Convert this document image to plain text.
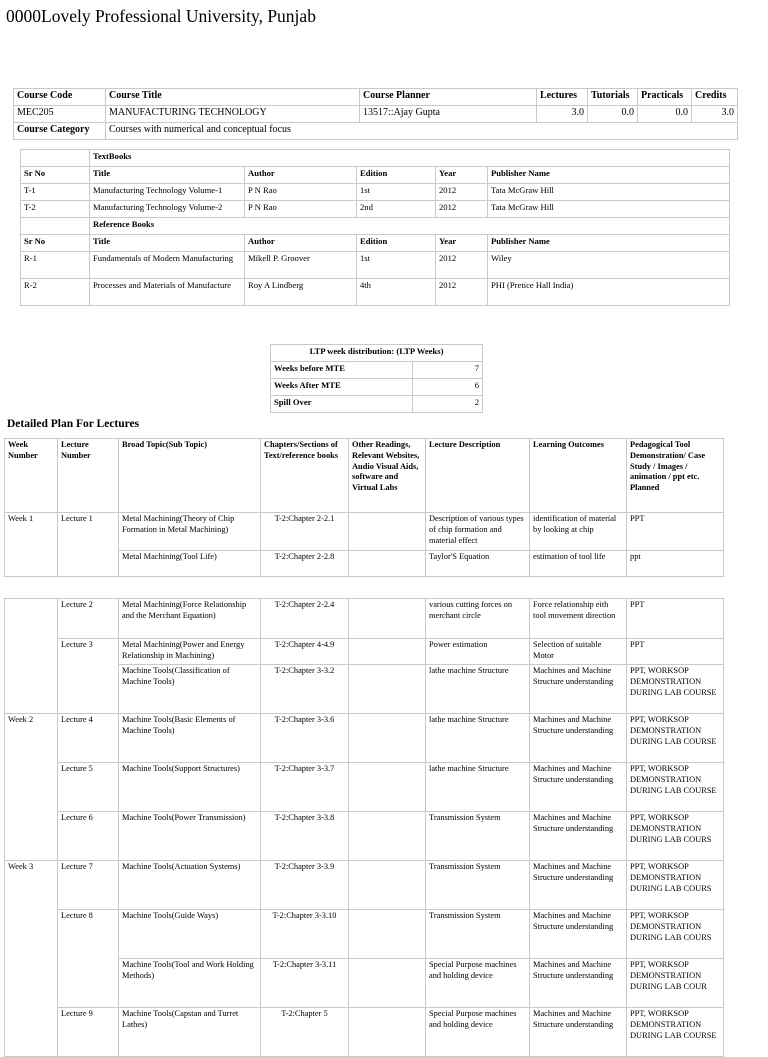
0000Lovely Professional University, Punjab
Course Code	Course Title	Course Planner	Lectures	Tutorials	Practicals	Credits
MEC205	MANUFACTURING TECHNOLOGY	13517::Ajay Gupta	3.0	0.0	0.0	3.0
Course Category	Courses with numerical and conceptual focus					
	TextBooks				
Sr No	Title	Author	Edition	Year	Publisher Name
T-1	Manufacturing Technology Volume-1	P N Rao	1st	2012	Tata McGraw Hill
T-2	Manufacturing Technology Volume-2	P N Rao	2nd	2012	Tata McGraw Hill
	Reference Books				
Sr No	Title	Author	Edition	Year	Publisher Name
R-1	Fundamentals of Modern Manufacturing	Mikell P. Groover	1st	2012	Wiley
R-2	Processes and Materials of Manufacture	Roy A Lindberg	4th	2012	PHI (Pretice Hall India)
LTP week distribution: (LTP Weeks)	
Weeks before MTE	7
Weeks After MTE	6
Spill Over	2
Detailed Plan For Lectures
Week Number	Lecture Number	Broad Topic(Sub Topic)	Chapters/Sections of Text/reference books	Other Readings, Relevant Websites, Audio Visual Aids, software and Virtual Labs	Lecture Description	Learning Outcomes	Pedagogical Tool Demonstration/ Case Study / Images / animation / ppt etc. Planned
Week 1	Lecture 1	Metal Machining(Theory of Chip Formation in Metal Machining)	T-2:Chapter 2-2.1		Description of various types of chip formation and material effect	identification of material by looking at chip	PPT
		Metal Machining(Tool Life)	T-2:Chapter 2-2.8		Taylor'S Equation	estimation of tool life	ppt
	Lecture 2	Metal Machining(Force Relationship and the Merchant Equation)	T-2:Chapter 2-2.4		various cutting forces on merchant circle	Force relationship eith tool movement direction	PPT
	Lecture 3	Metal Machining(Power and Energy Relationship in Machining)	T-2:Chapter 4-4.9		Power estimation	Selection of suitable Motor	PPT
		Machine Tools(Classification of Machine Tools)	T-2:Chapter 3-3.2		lathe machine Structure	Machines and Machine Structure understanding	PPT, WORKSOP DEMONSTRATION DURING LAB COURSE
Week 2	Lecture 4	Machine Tools(Basic Elements of Machine Tools)	T-2:Chapter 3-3.6		lathe machine Structure	Machines and Machine Structure understanding	PPT, WORKSOP DEMONSTRATION DURING LAB COURSE
	Lecture 5	Machine Tools(Support Structures)	T-2:Chapter 3-3.7		lathe machine Structure	Machines and Machine Structure understanding	PPT, WORKSOP DEMONSTRATION DURING LAB COURSE
	Lecture 6	Machine Tools(Power Transmission)	T-2:Chapter 3-3.8		Transmission System	Machines and Machine Structure understanding	PPT, WORKSOP DEMONSTRATION DURING LAB COURS
Week 3	Lecture 7	Machine Tools(Actuation Systems)	T-2:Chapter 3-3.9		Transmission System	Machines and Machine Structure understanding	PPT, WORKSOP DEMONSTRATION DURING LAB COURS
	Lecture 8	Machine Tools(Guide Ways)	T-2:Chapter 3-3.10		Transmission System	Machines and Machine Structure understanding	PPT, WORKSOP DEMONSTRATION DURING LAB COURS
		Machine Tools(Tool and Work Holding Methods)	T-2:Chapter 3-3.11		Special Purpose machines and holding device	Machines and Machine Structure understanding	PPT, WORKSOP DEMONSTRATION DURING LAB COUR
	Lecture 9	Machine Tools(Capstan and Turret Lathes)	T-2:Chapter 5		Special Purpose machines and holding device	Machines and Machine Structure understanding	PPT, WORKSOP DEMONSTRATION DURING LAB COURSE
